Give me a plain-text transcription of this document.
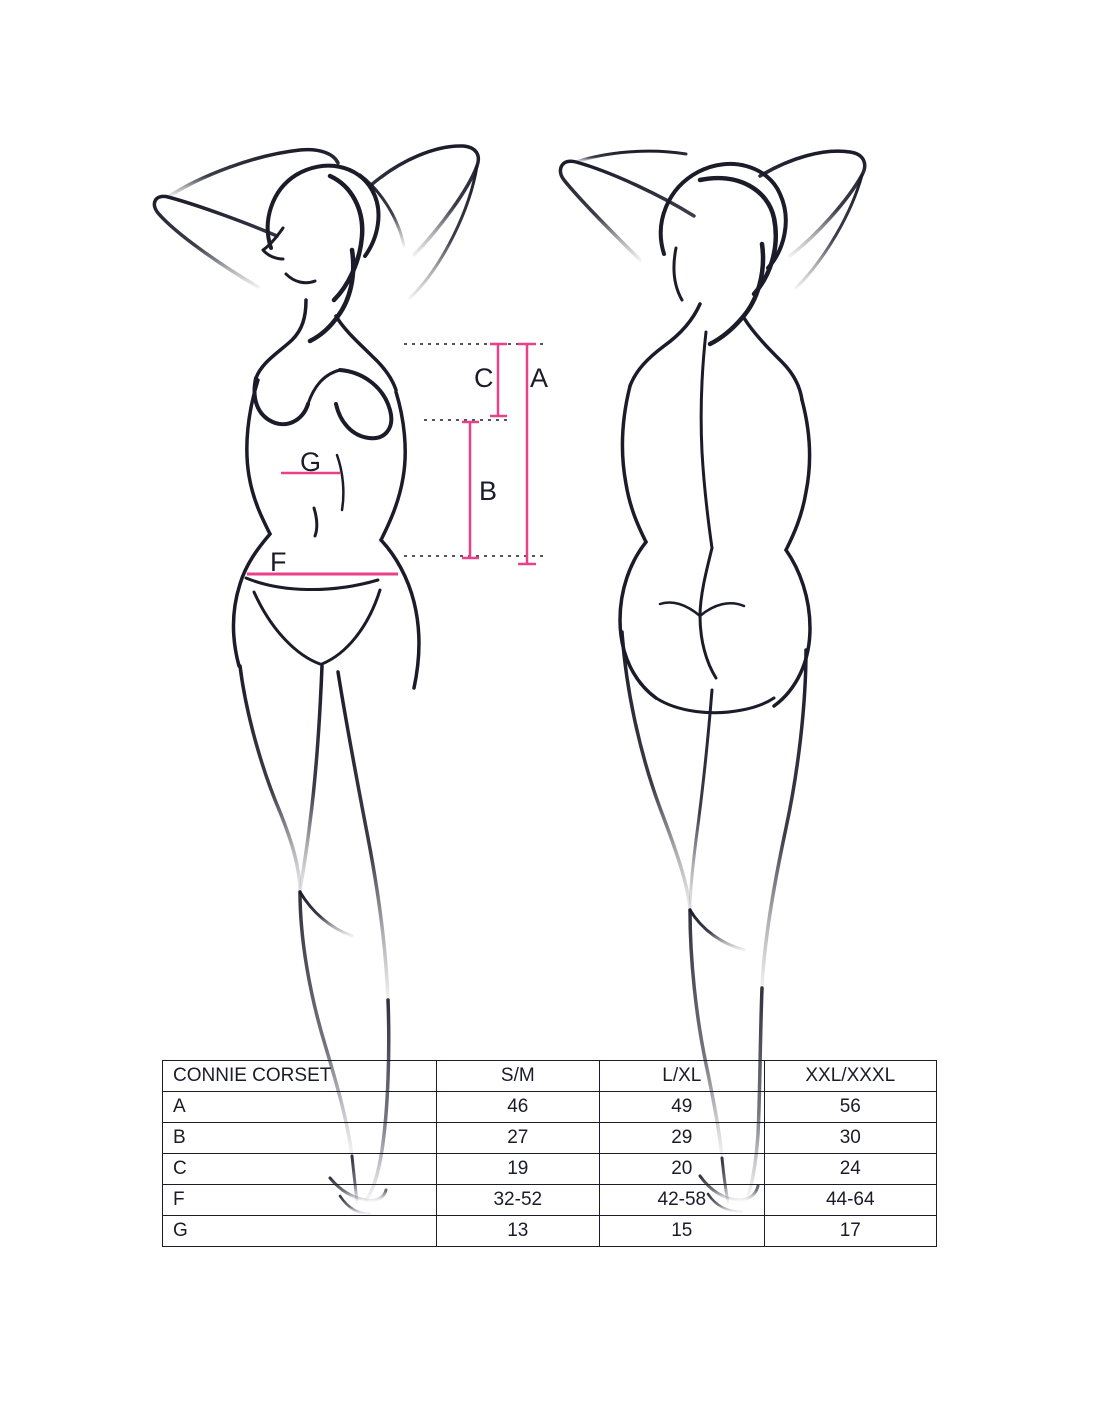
A
C
B
G
F
CONNIE CORSET	S/M	L/XL	XXL/XXXL
A	46	49	56
B	27	29	30
C	19	20	24
F	32-52	42-58	44-64
G	13	15	17
